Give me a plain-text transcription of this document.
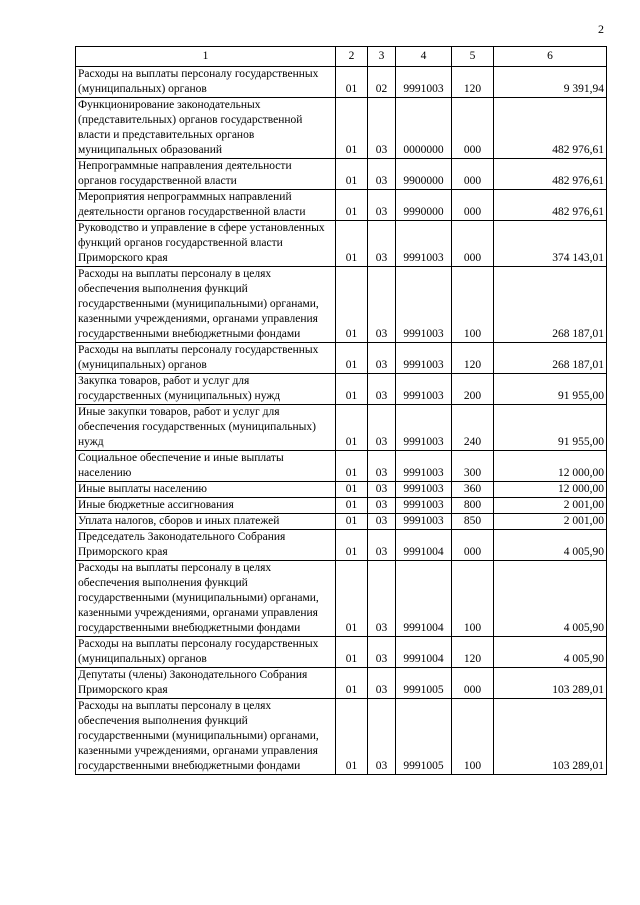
2
1	2	3	4	5	6
Расходы на выплаты персоналу государственных (муниципальных) органов	01	02	9991003	120	9 391,94
Функционирование законодательных (представительных) органов государственной власти и представительных органов муниципальных образований	01	03	0000000	000	482 976,61
Непрограммные направления деятельности органов государственной власти	01	03	9900000	000	482 976,61
Мероприятия непрограммных направлений деятельности органов государственной власти	01	03	9990000	000	482 976,61
Руководство и управление в сфере установленных функций органов государственной власти Приморского края	01	03	9991003	000	374 143,01
Расходы на выплаты персоналу в целях обеспечения выполнения функций государственными (муниципальными) органами, казенными учреждениями, органами управления государственными внебюджетными фондами	01	03	9991003	100	268 187,01
Расходы на выплаты персоналу государственных (муниципальных) органов	01	03	9991003	120	268 187,01
Закупка товаров, работ и услуг для государственных (муниципальных) нужд	01	03	9991003	200	91 955,00
Иные закупки товаров, работ и услуг для обеспечения государственных (муниципальных) нужд	01	03	9991003	240	91 955,00
Социальное обеспечение и иные выплаты населению	01	03	9991003	300	12 000,00
Иные выплаты населению	01	03	9991003	360	12 000,00
Иные бюджетные ассигнования	01	03	9991003	800	2 001,00
Уплата налогов, сборов и иных платежей	01	03	9991003	850	2 001,00
Председатель Законодательного Собрания Приморского края	01	03	9991004	000	4 005,90
Расходы на выплаты персоналу в целях обеспечения выполнения функций государственными (муниципальными) органами, казенными учреждениями, органами управления государственными внебюджетными фондами	01	03	9991004	100	4 005,90
Расходы на выплаты персоналу государственных (муниципальных) органов	01	03	9991004	120	4 005,90
Депутаты (члены) Законодательного Собрания Приморского края	01	03	9991005	000	103 289,01
Расходы на выплаты персоналу в целях обеспечения выполнения функций государственными (муниципальными) органами, казенными учреждениями, органами управления государственными внебюджетными фондами	01	03	9991005	100	103 289,01
